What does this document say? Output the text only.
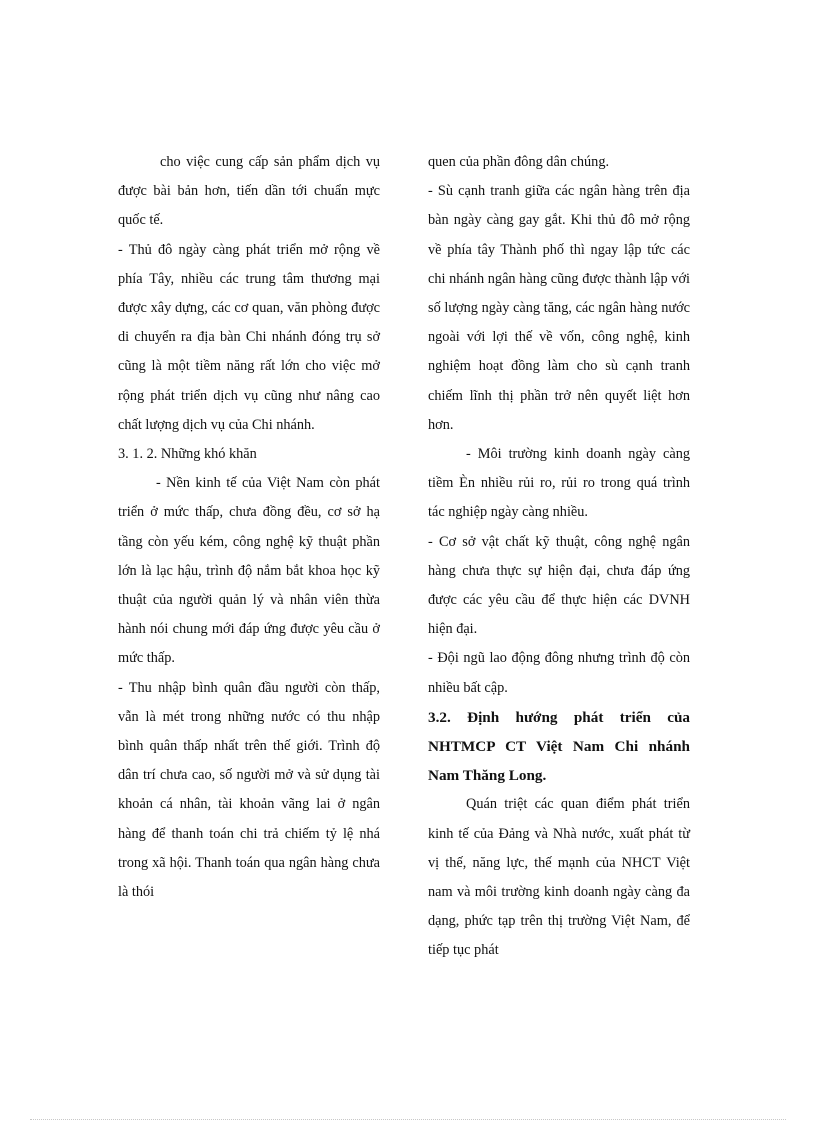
cho việc cung cấp sản phẩm dịch vụ được bài bản hơn, tiến dần tới chuẩn mực quốc tế.

- Thủ đô ngày càng phát triển mở rộng về phía Tây, nhiều các trung tâm thương mại được xây dựng, các cơ quan, văn phòng được di chuyển ra địa bàn Chi nhánh đóng trụ sở cũng là một tiềm năng rất lớn cho việc mở rộng phát triển dịch vụ cũng như nâng cao chất lượng dịch vụ của Chi nhánh.

3. 1. 2. Những khó khăn

- Nền kinh tế của Việt Nam còn phát triển ở mức thấp, chưa đồng đều, cơ sở hạ tầng còn yếu kém, công nghệ kỹ thuật phần lớn là lạc hậu, trình độ nắm bắt khoa học kỹ thuật của người quản lý và nhân viên thừa hành nói chung mới đáp ứng được yêu cầu ở mức thấp.

- Thu nhập bình quân đầu người còn thấp, vẫn là mét trong những nước có thu nhập bình quân thấp nhất trên thế giới. Trình độ dân trí chưa cao, số người mở và sử dụng tài khoản cá nhân, tài khoản vãng lai ở ngân hàng để thanh toán chi trả chiếm tỷ lệ nhá trong xã hội. Thanh toán qua ngân hàng chưa là thói

quen của phần đông dân chúng.

- Sù cạnh tranh giữa các ngân hàng trên địa bàn ngày càng gay gắt. Khi thủ đô mở rộng về phía tây Thành phố thì ngay lập tức các chi nhánh ngân hàng cũng được thành lập với số lượng ngày càng tăng, các ngân hàng nước ngoài với lợi thế về vốn, công nghệ, kinh nghiệm hoạt đồng làm cho sù cạnh tranh chiếm lĩnh thị phần trở nên quyết liệt hơn hơn.

- Môi trường kinh doanh ngày càng tiềm Èn nhiều rủi ro, rủi ro trong quá trình tác nghiệp ngày càng nhiều.

- Cơ sở vật chất kỹ thuật, công nghệ ngân hàng chưa thực sự hiện đại, chưa đáp ứng được các yêu cầu để thực hiện các DVNH hiện đại.

- Đội ngũ lao động đông nhưng trình độ còn nhiều bất cập.

3.2. Định hướng phát triển của NHTMCP CT Việt Nam Chi nhánh Nam Thăng Long.

Quán triệt các quan điểm phát triển kinh tế của Đảng và Nhà nước, xuất phát từ vị thế, năng lực, thế mạnh của NHCT Việt nam và môi trường kinh doanh ngày càng đa dạng, phức tạp trên thị trường Việt Nam, để tiếp tục phát
